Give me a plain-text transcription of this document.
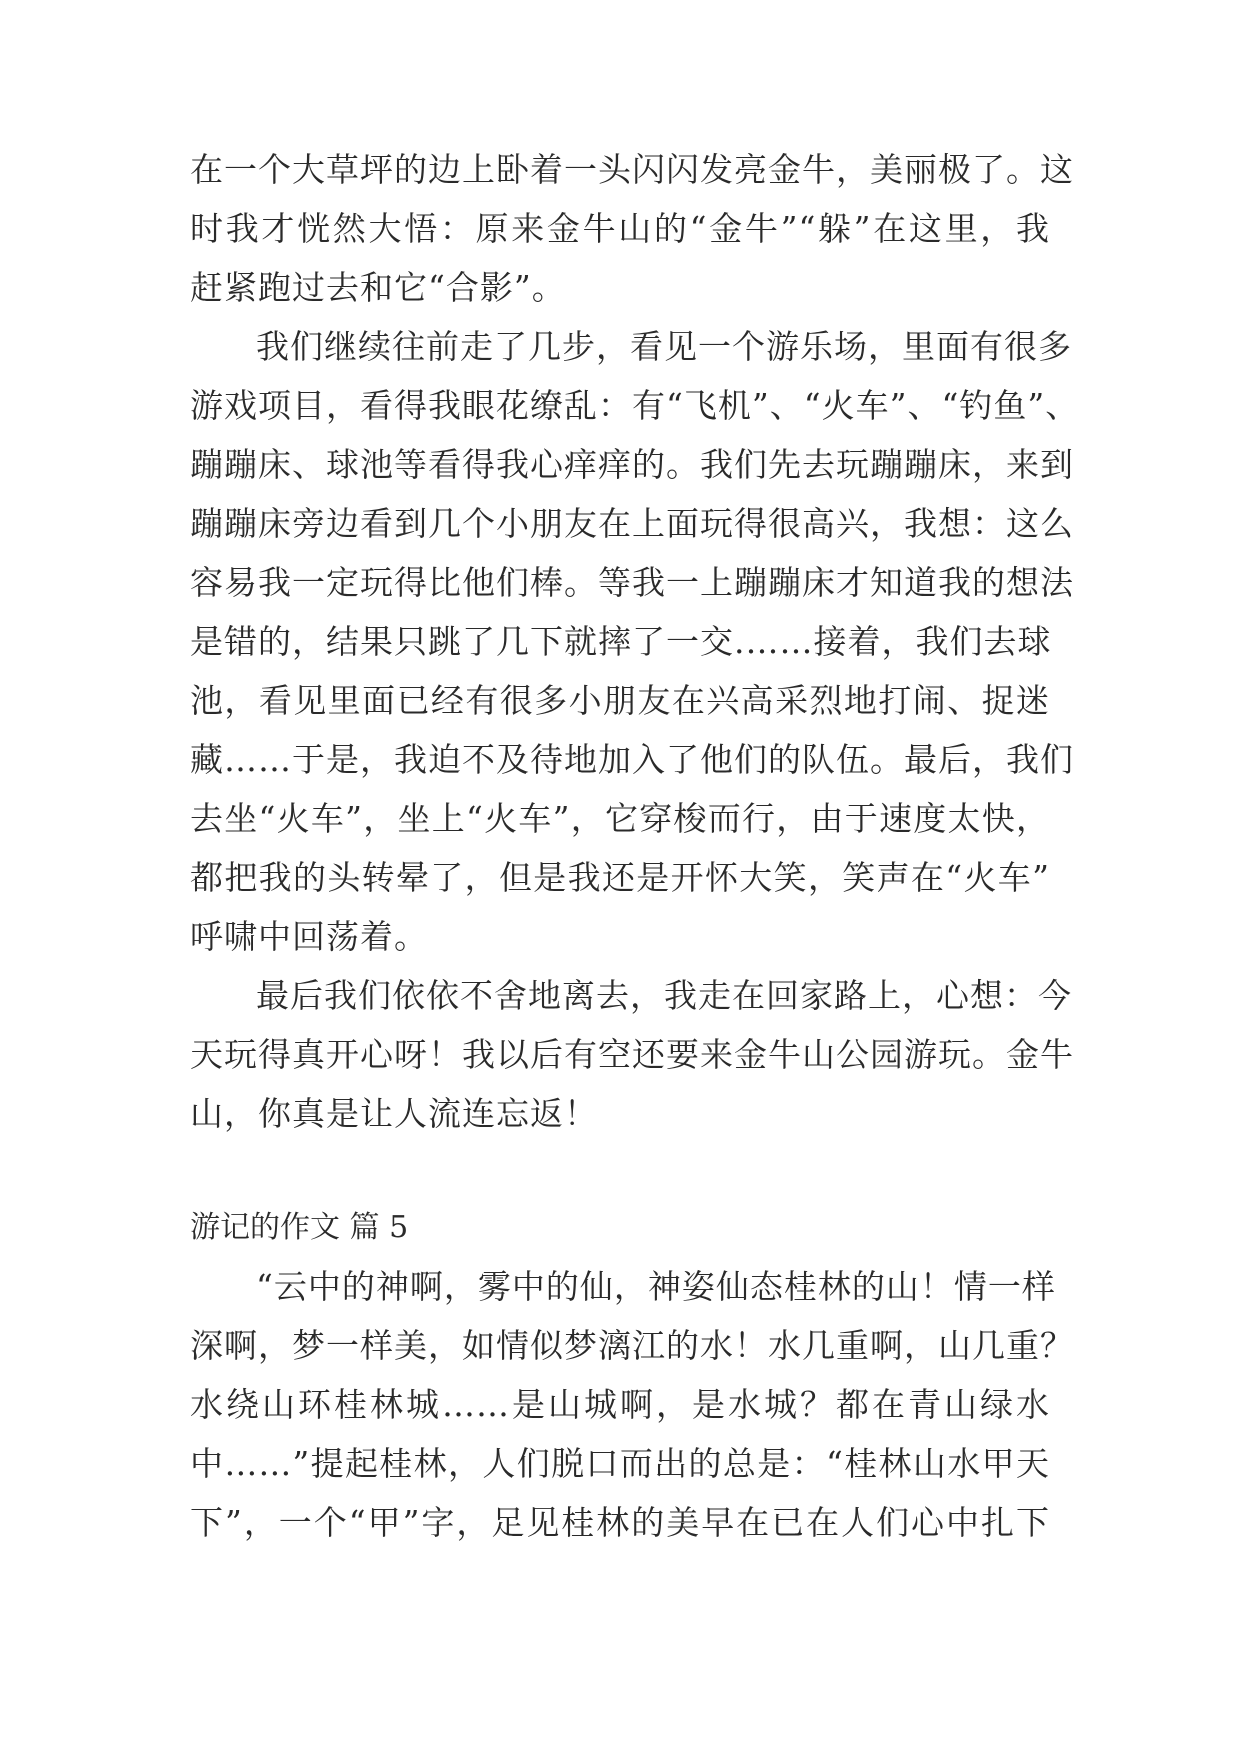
在一个大草坪的边上卧着一头闪闪发亮金牛，美丽极了。这
时我才恍然大悟：原来金牛山的“金牛”“躲”在这里，我
赶紧跑过去和它“合影”。
我们继续往前走了几步，看见一个游乐场，里面有很多
游戏项目，看得我眼花缭乱：有“飞机”、“火车”、“钓鱼”、
蹦蹦床、球池等看得我心痒痒的。我们先去玩蹦蹦床，来到
蹦蹦床旁边看到几个小朋友在上面玩得很高兴，我想：这么
容易我一定玩得比他们棒。等我一上蹦蹦床才知道我的想法
是错的，结果只跳了几下就摔了一交.……接着，我们去球
池，看见里面已经有很多小朋友在兴高采烈地打闹、捉迷
藏……于是，我迫不及待地加入了他们的队伍。最后，我们
去坐“火车”，坐上“火车”，它穿梭而行，由于速度太快，
都把我的头转晕了，但是我还是开怀大笑，笑声在“火车”
呼啸中回荡着。
最后我们依依不舍地离去，我走在回家路上，心想：今
天玩得真开心呀！我以后有空还要来金牛山公园游玩。金牛
山，你真是让人流连忘返！
游记的作文 篇 5
“云中的神啊，雾中的仙，神姿仙态桂林的山！情一样
深啊，梦一样美，如情似梦漓江的水！水几重啊，山几重？
水绕山环桂林城……是山城啊，是水城？都在青山绿水
中……”提起桂林，人们脱口而出的总是：“桂林山水甲天
下”，一个“甲”字，足见桂林的美早在已在人们心中扎下
